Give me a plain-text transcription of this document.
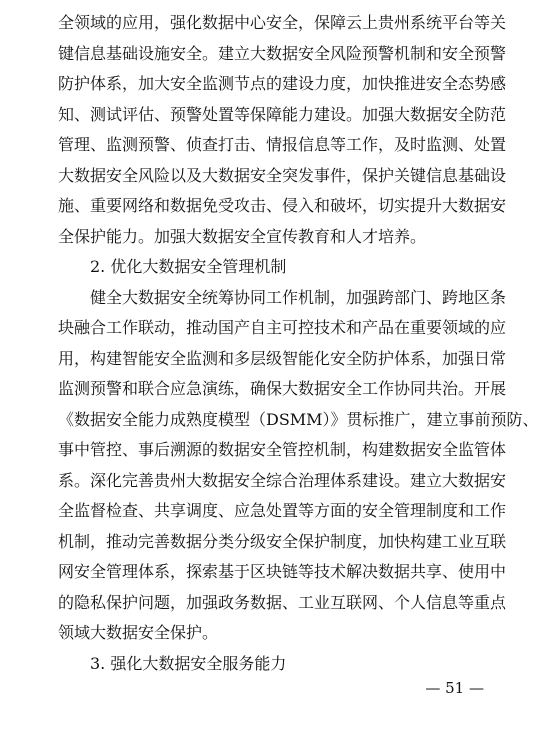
全领域的应用，强化数据中心安全，保障云上贵州系统平台等关
键信息基础设施安全。建立大数据安全风险预警机制和安全预警
防护体系，加大安全监测节点的建设力度，加快推进安全态势感
知、测试评估、预警处置等保障能力建设。加强大数据安全防范
管理、监测预警、侦查打击、情报信息等工作，及时监测、处置
大数据安全风险以及大数据安全突发事件，保护关键信息基础设
施、重要网络和数据免受攻击、侵入和破坏，切实提升大数据安
全保护能力。加强大数据安全宣传教育和人才培养。
2. 优化大数据安全管理机制
健全大数据安全统筹协同工作机制，加强跨部门、跨地区条
块融合工作联动，推动国产自主可控技术和产品在重要领域的应
用，构建智能安全监测和多层级智能化安全防护体系，加强日常
监测预警和联合应急演练，确保大数据安全工作协同共治。开展
《数据安全能力成熟度模型（DSMM）》贯标推广，建立事前预防、
事中管控、事后溯源的数据安全管控机制，构建数据安全监管体
系。深化完善贵州大数据安全综合治理体系建设。建立大数据安
全监督检查、共享调度、应急处置等方面的安全管理制度和工作
机制，推动完善数据分类分级安全保护制度，加快构建工业互联
网安全管理体系，探索基于区块链等技术解决数据共享、使用中
的隐私保护问题，加强政务数据、工业互联网、个人信息等重点
领域大数据安全保护。
3. 强化大数据安全服务能力
— 51 —
